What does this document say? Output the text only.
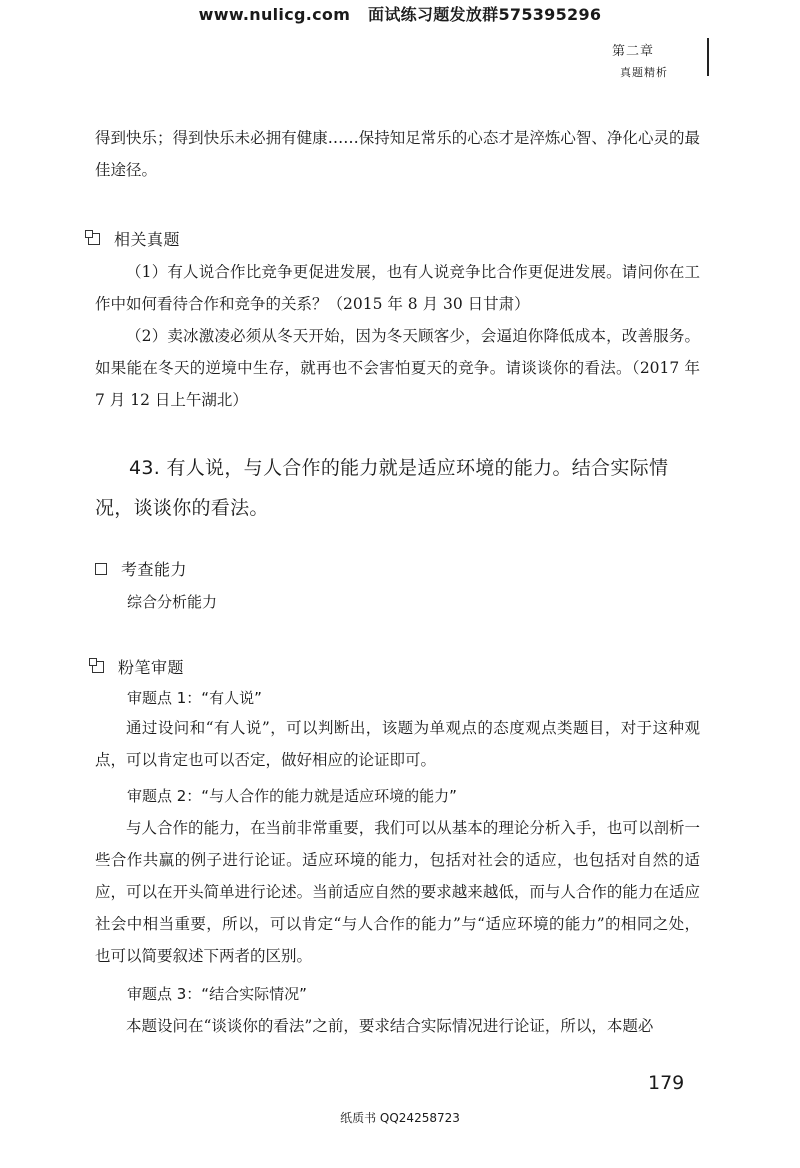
www.nulicg.com 面试练习题发放群575395296
第二章
真题精析
得到快乐；得到快乐未必拥有健康……保持知足常乐的心态才是淬炼心智、净化心灵的最佳途径。
相关真题
（1）有人说合作比竞争更促进发展，也有人说竞争比合作更促进发展。请问你在工作中如何看待合作和竞争的关系？（2015 年 8 月 30 日甘肃）
（2）卖冰激凌必须从冬天开始，因为冬天顾客少，会逼迫你降低成本，改善服务。如果能在冬天的逆境中生存，就再也不会害怕夏天的竞争。请谈谈你的看法。（2017 年 7 月 12 日上午湖北）
43. 有人说，与人合作的能力就是适应环境的能力。结合实际情况，谈谈你的看法。
考查能力
综合分析能力
粉笔审题
审题点 1：“有人说”
通过设问和“有人说”，可以判断出，该题为单观点的态度观点类题目，对于这种观点，可以肯定也可以否定，做好相应的论证即可。
审题点 2：“与人合作的能力就是适应环境的能力”
与人合作的能力，在当前非常重要，我们可以从基本的理论分析入手，也可以剖析一些合作共赢的例子进行论证。适应环境的能力，包括对社会的适应，也包括对自然的适应，可以在开头简单进行论述。当前适应自然的要求越来越低，而与人合作的能力在适应社会中相当重要，所以，可以肯定“与人合作的能力”与“适应环境的能力”的相同之处，也可以简要叙述下两者的区别。
审题点 3：“结合实际情况”
本题设问在“谈谈你的看法”之前，要求结合实际情况进行论证，所以，本题必
179
纸质书 QQ24258723
